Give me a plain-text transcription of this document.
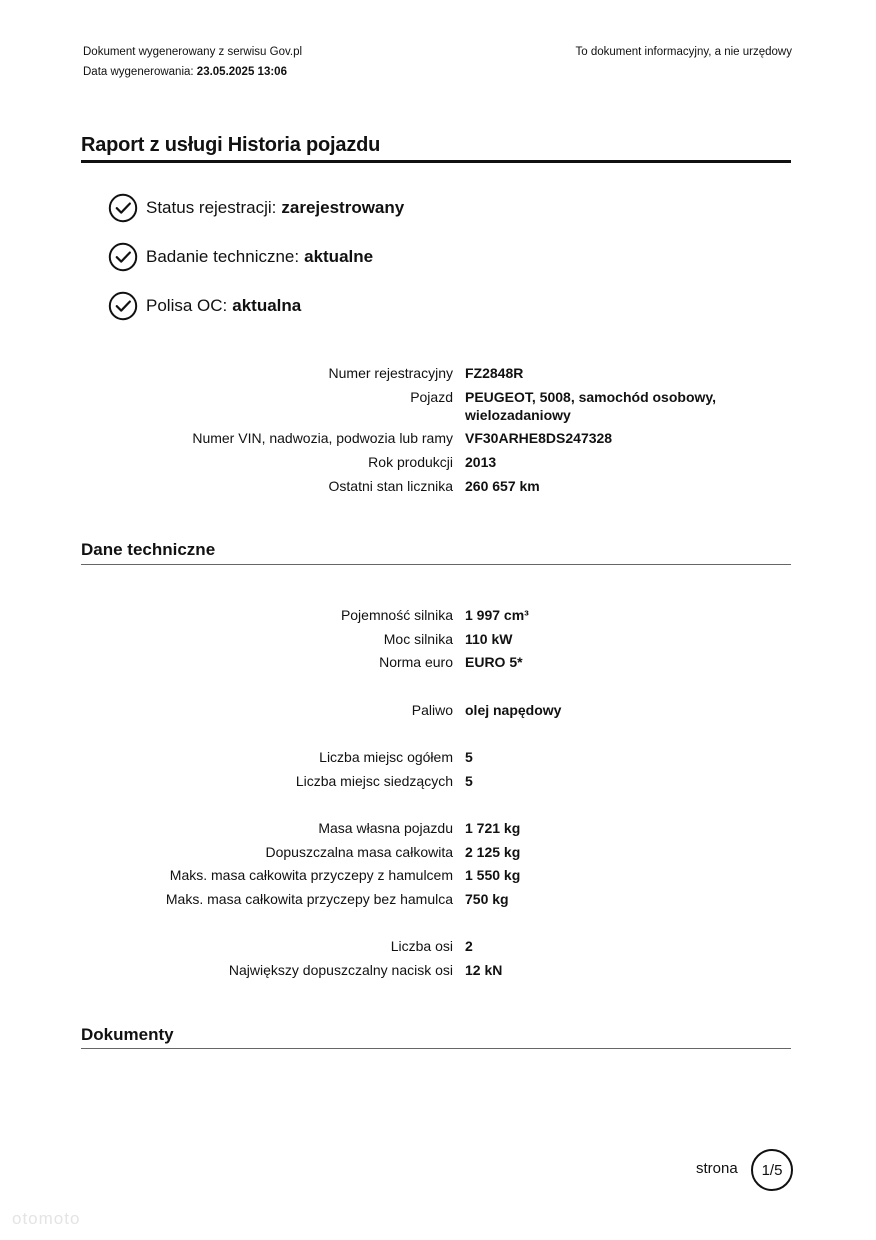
Dokument wygenerowany z serwisu Gov.pl
Data wygenerowania: 23.05.2025 13:06
To dokument informacyjny, a nie urzędowy
Raport z usługi Historia pojazdu
Status rejestracji: zarejestrowany
Badanie techniczne: aktualne
Polisa OC: aktualna
Numer rejestracyjny FZ2848R
Pojazd PEUGEOT, 5008, samochód osobowy, wielozadaniowy
Numer VIN, nadwozia, podwozia lub ramy VF30ARHE8DS247328
Rok produkcji 2013
Ostatni stan licznika 260 657 km
Dane techniczne
Pojemność silnika 1 997 cm³
Moc silnika 110 kW
Norma euro EURO 5*
Paliwo olej napędowy
Liczba miejsc ogółem 5
Liczba miejsc siedzących 5
Masa własna pojazdu 1 721 kg
Dopuszczalna masa całkowita 2 125 kg
Maks. masa całkowita przyczepy z hamulcem 1 550 kg
Maks. masa całkowita przyczepy bez hamulca 750 kg
Liczba osi 2
Największy dopuszczalny nacisk osi 12 kN
Dokumenty
strona 1/5
otomoto
